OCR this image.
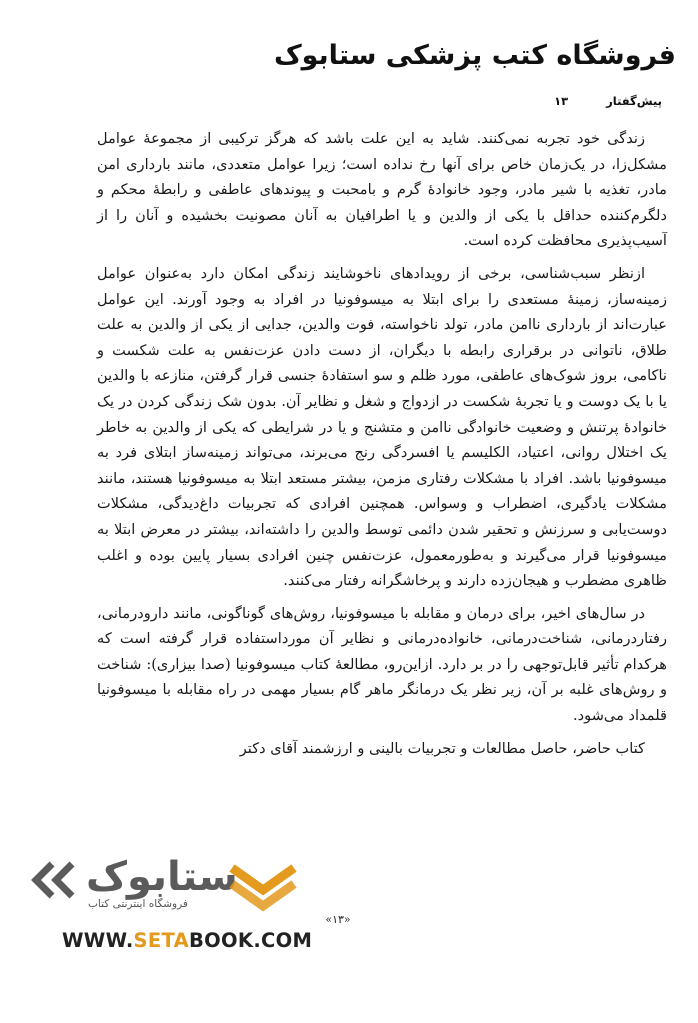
فروشگاه کتب پزشکی ستابوک
پیش‌گفتار
۱۳

زندگی خود تجربه نمی‌کنند. شاید به این علت باشد که هرگز ترکیبی از مجموعهٔ عوامل مشکل‌زا، در یک‌زمان خاص برای آنها رخ نداده است؛ زیرا عوامل متعددی، مانند بارداری امن مادر، تغذیه با شیر مادر، وجود خانوادهٔ گرم و بامحبت و پیوندهای عاطفی و رابطهٔ محکم و دلگرم‌کننده حداقل با یکی از والدین و یا اطرافیان به آنان مصونیت بخشیده و آنان را از آسیب‌پذیری محافظت کرده است.

ازنظر سبب‌شناسی، برخی از رویدادهای ناخوشایند زندگی امکان دارد به‌عنوان عوامل زمینه‌ساز، زمینهٔ مستعدی را برای ابتلا به میسوفونیا در افراد به وجود آورند. این عوامل عبارت‌اند از بارداری ناامن مادر، تولد ناخواسته، فوت والدین، جدایی از یکی از والدین به علت طلاق، ناتوانی در برقراری رابطه با دیگران، از دست دادن عزت‌نفس به علت شکست و ناکامی، بروز شوک‌های عاطفی، مورد ظلم و سو استفادهٔ جنسی قرار گرفتن، منازعه با والدین یا با یک دوست و یا تجربهٔ شکست در ازدواج و شغل و نظایر آن. بدون شک زندگی کردن در یک خانوادهٔ پرتنش و وضعیت خانوادگی ناامن و متشنج و یا در شرایطی که یکی از والدین به خاطر یک اختلال روانی، اعتیاد، الکلیسم یا افسردگی رنج می‌برند، می‌تواند زمینه‌ساز ابتلای فرد به میسوفونیا باشد. افراد با مشکلات رفتاری مزمن، بیشتر مستعد ابتلا به میسوفونیا هستند، مانند مشکلات یادگیری، اضطراب و وسواس. همچنین افرادی که تجربیات داغ‌دیدگی، مشکلات دوست‌یابی و سرزنش و تحقیر شدن دائمی توسط والدین را داشته‌اند، بیشتر در معرض ابتلا به میسوفونیا قرار می‌گیرند و به‌طورمعمول، عزت‌نفس چنین افرادی بسیار پایین بوده و اغلب ظاهری مضطرب و هیجان‌زده دارند و پرخاشگرانه رفتار می‌کنند.

در سال‌های اخیر، برای درمان و مقابله با میسوفونیا، روش‌های گوناگونی، مانند دارودرمانی، رفتاردرمانی، شناخت‌درمانی، خانواده‌درمانی و نظایر آن مورداستفاده قرار گرفته است که هرکدام تأثیر قابل‌توجهی را در بر دارد. ازاین‌رو، مطالعهٔ کتاب میسوفونیا (صدا بیزاری): شناخت و روش‌های غلبه بر آن، زیر نظر یک درمانگر ماهر گام بسیار مهمی در راه مقابله با میسوفونیا قلمداد می‌شود.

کتاب حاضر، حاصل مطالعات و تجربیات بالینی و ارزشمند آقای دکتر

«۱۳»
ستابوک
فروشگاه اینترنتی کتاب
WWW.SETABOOK.COM
